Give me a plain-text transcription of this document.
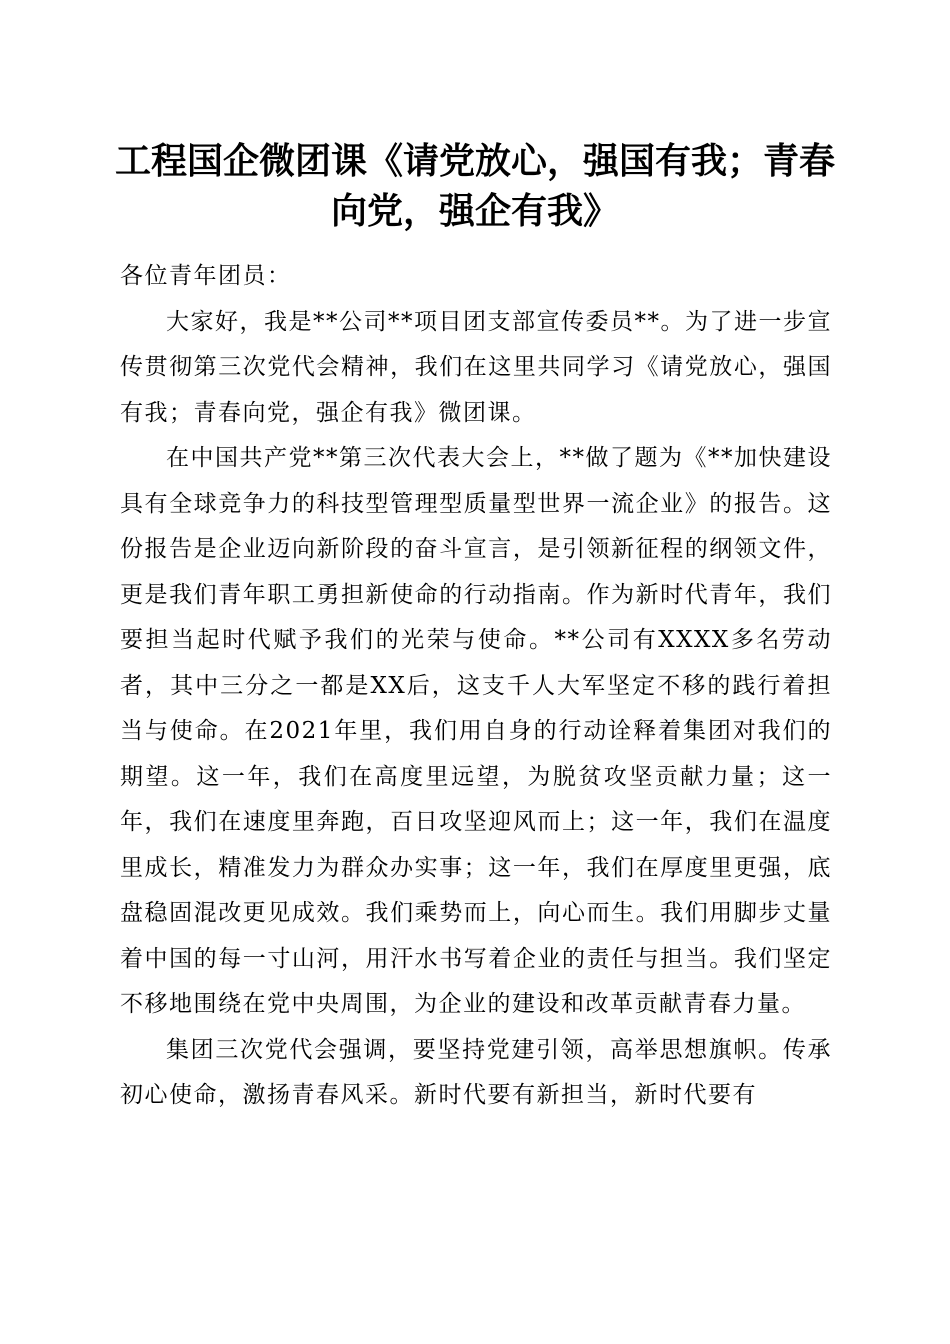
工程国企微团课《请党放心，强国有我；青春
向党，强企有我》

各位青年团员：

大家好，我是**公司**项目团支部宣传委员**。为了进一步宣传贯彻第三次党代会精神，我们在这里共同学习《请党放心，强国有我；青春向党，强企有我》微团课。

在中国共产党**第三次代表大会上，**做了题为《**加快建设具有全球竞争力的科技型管理型质量型世界一流企业》的报告。这份报告是企业迈向新阶段的奋斗宣言，是引领新征程的纲领文件，更是我们青年职工勇担新使命的行动指南。作为新时代青年，我们要担当起时代赋予我们的光荣与使命。**公司有XXXX多名劳动者，其中三分之一都是XX后，这支千人大军坚定不移的践行着担当与使命。在2021年里，我们用自身的行动诠释着集团对我们的期望。这一年，我们在高度里远望，为脱贫攻坚贡献力量；这一年，我们在速度里奔跑，百日攻坚迎风而上；这一年，我们在温度里成长，精准发力为群众办实事；这一年，我们在厚度里更强，底盘稳固混改更见成效。我们乘势而上，向心而生。我们用脚步丈量着中国的每一寸山河，用汗水书写着企业的责任与担当。我们坚定不移地围绕在党中央周围，为企业的建设和改革贡献青春力量。

集团三次党代会强调，要坚持党建引领，高举思想旗帜。传承初心使命，激扬青春风采。新时代要有新担当，新时代要有
